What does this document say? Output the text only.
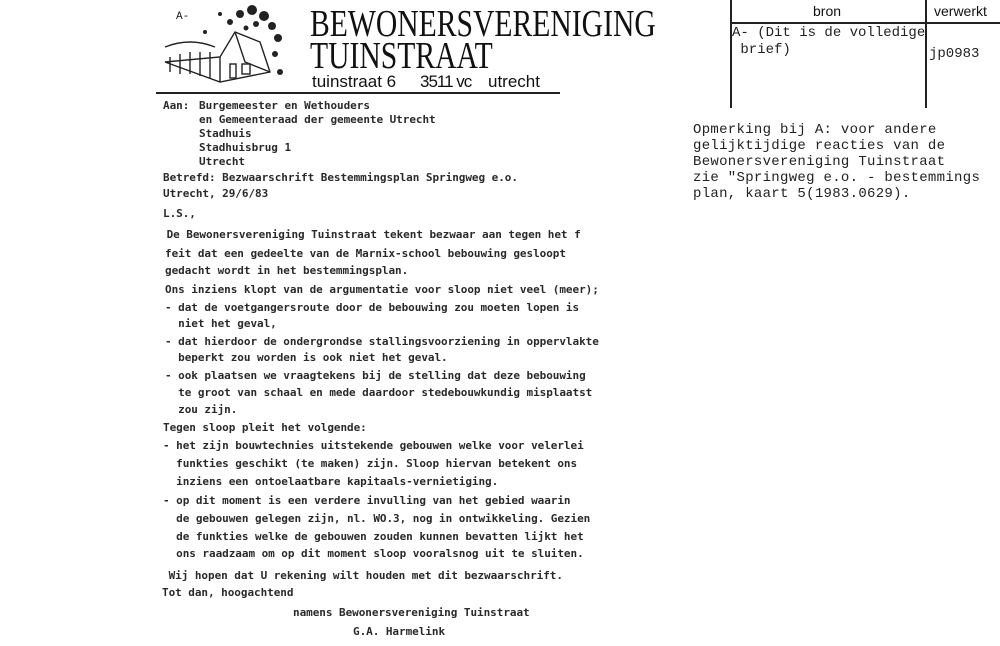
A-	BEWONERSVERENIGING
TUINSTRAAT
tuinstraat 6 3511 vc utrecht
Aan: Burgemeester en Wethouders
en Gemeenteraad der gemeente Utrecht
Stadhuis
Stadhuisbrug 1
Utrecht
Betrefd: Bezwaarschrift Bestemmingsplan Springweg e.o.
Utrecht, 29/6/83
L.S.,
De Bewonersvereniging Tuinstraat tekent bezwaar aan tegen het f
feit dat een gedeelte van de Marnix-school bebouwing gesloopt
gedacht wordt in het bestemmingsplan.
Ons inziens klopt van de argumentatie voor sloop niet veel (meer);
- dat de voetgangersroute door de bebouwing zou moeten lopen is
niet het geval,
- dat hierdoor de ondergrondse stallingsvoorziening in oppervlakte
beperkt zou worden is ook niet het geval.
- ook plaatsen we vraagtekens bij de stelling dat deze bebouwing
te groot van schaal en mede daardoor stedebouwkundig misplaatst
zou zijn.
Tegen sloop pleit het volgende:
- het zijn bouwtechnies uitstekende gebouwen welke voor velerlei
funkties geschikt (te maken) zijn. Sloop hiervan betekent ons
inziens een ontoelaatbare kapitaals-vernietiging.
- op dit moment is een verdere invulling van het gebied waarin
de gebouwen gelegen zijn, nl. WO.3, nog in ontwikkeling. Gezien
de funkties welke de gebouwen zouden kunnen bevatten lijkt het
ons raadzaam om op dit moment sloop vooralsnog uit te sluiten.
Wij hopen dat U rekening wilt houden met dit bezwaarschrift.
Tot dan, hoogachtend
namens Bewonersvereniging Tuinstraat
G.A. Harmelink
bron	verwerkt
A- (Dit is de volledige
brief)	jp0983
Opmerking bij A: voor andere
gelijktijdige reacties van de
Bewonersvereniging Tuinstraat
zie "Springweg e.o. - bestemmings
plan, kaart 5(1983.0629).
